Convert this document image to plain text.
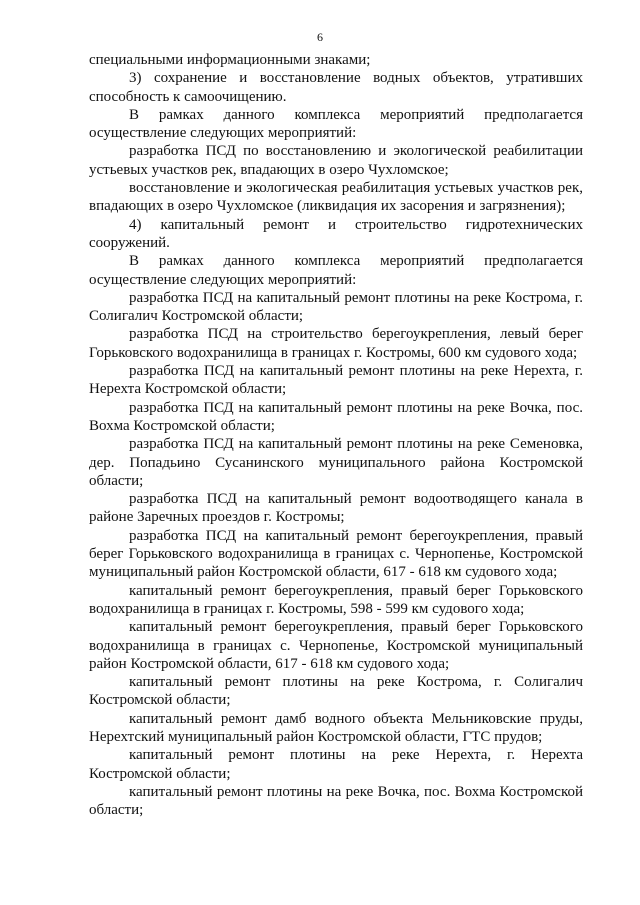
6

специальными информационными знаками;

3) сохранение и восстановление водных объектов, утративших способность к самоочищению.

В рамках данного комплекса мероприятий предполагается осуществление следующих мероприятий:

разработка ПСД по восстановлению и экологической реабилитации устьевых участков рек, впадающих в озеро Чухломское;

восстановление и экологическая реабилитация устьевых участков рек, впадающих в озеро Чухломское (ликвидация их засорения и загрязнения);

4) капитальный ремонт и строительство гидротехнических сооружений.

В рамках данного комплекса мероприятий предполагается осуществление следующих мероприятий:

разработка ПСД на капитальный ремонт плотины на реке Кострома, г. Солигалич Костромской области;

разработка ПСД на строительство берегоукрепления, левый берег Горьковского водохранилища в границах г. Костромы, 600 км судового хода;

разработка ПСД на капитальный ремонт плотины на реке Нерехта, г. Нерехта Костромской области;

разработка ПСД на капитальный ремонт плотины на реке Вочка, пос. Вохма Костромской области;

разработка ПСД на капитальный ремонт плотины на реке Семеновка, дер. Попадьино Сусанинского муниципального района Костромской области;

разработка ПСД на капитальный ремонт водоотводящего канала в районе Заречных проездов г. Костромы;

разработка ПСД на капитальный ремонт берегоукрепления, правый берег Горьковского водохранилища в границах с. Чернопенье, Костромской муниципальный район Костромской области, 617 - 618 км судового хода;

капитальный ремонт берегоукрепления, правый берег Горьковского водохранилища в границах г. Костромы, 598 - 599 км судового хода;

капитальный ремонт берегоукрепления, правый берег Горьковского водохранилища в границах с. Чернопенье, Костромской муниципальный район Костромской области, 617 - 618 км судового хода;

капитальный ремонт плотины на реке Кострома, г. Солигалич Костромской области;

капитальный ремонт дамб водного объекта Мельниковские пруды, Нерехтский муниципальный район Костромской области, ГТС прудов;

капитальный ремонт плотины на реке Нерехта, г. Нерехта Костромской области;

капитальный ремонт плотины на реке Вочка, пос. Вохма Костромской области;
